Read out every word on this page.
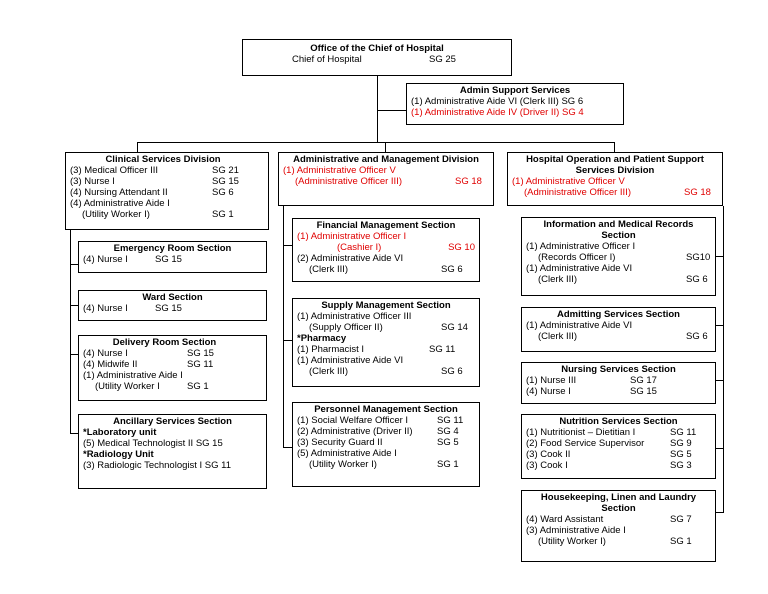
Office of the Chief of Hospital
Chief of Hospital	SG 25
Admin Support Services
(1) Administrative Aide VI (Clerk III) SG 6
(1) Administrative Aide IV (Driver II) SG 4
Clinical Services Division
(3) Medical Officer III	SG 21
(3) Nurse I	SG 15
(4) Nursing Attendant II	SG 6
(4) Administrative Aide I
(Utility Worker I)	SG 1
Emergency Room Section
(4) Nurse I	SG 15
Ward Section
(4) Nurse I	SG 15
Delivery Room Section
(4) Nurse I	SG 15
(4) Midwife II	SG 11
(1) Administrative Aide I
(Utility Worker I	SG 1
Ancillary Services Section
*Laboratory unit
(5) Medical Technologist II SG 15
*Radiology Unit
(3) Radiologic Technologist I SG 11
Administrative and Management Division
(1) Administrative Officer V
(Administrative Officer III)	SG 18
Financial Management Section
(1) Administrative Officer I
(Cashier I)	SG 10
(2) Administrative Aide VI
(Clerk III)	SG 6
Supply Management Section
(1) Administrative Officer III
(Supply Officer II)	SG 14
*Pharmacy
(1) Pharmacist I	SG 11
(1) Administrative Aide VI
(Clerk III)	SG 6
Personnel Management Section
(1) Social Welfare Officer I	SG 11
(2) Administrative (Driver II)	SG 4
(3) Security Guard II	SG 5
(5) Administrative Aide I
(Utility Worker I)	SG 1
Hospital Operation and Patient Support Services Division
(1) Administrative Officer V
(Administrative Officer III)	SG 18
Information and Medical Records Section
(1) Administrative Officer I
(Records Officer I)	SG10
(1) Administrative Aide VI
(Clerk III)	SG 6
Admitting Services Section
(1) Administrative Aide VI
(Clerk III)	SG 6
Nursing Services Section
(1) Nurse III	SG 17
(4) Nurse I	SG 15
Nutrition Services Section
(1) Nutritionist – Dietitian I	SG 11
(2) Food Service Supervisor	SG 9
(3) Cook II	SG 5
(3) Cook I	SG 3
Housekeeping, Linen and Laundry Section
(4) Ward Assistant	SG 7
(3) Administrative Aide I
(Utility Worker I)	SG 1
